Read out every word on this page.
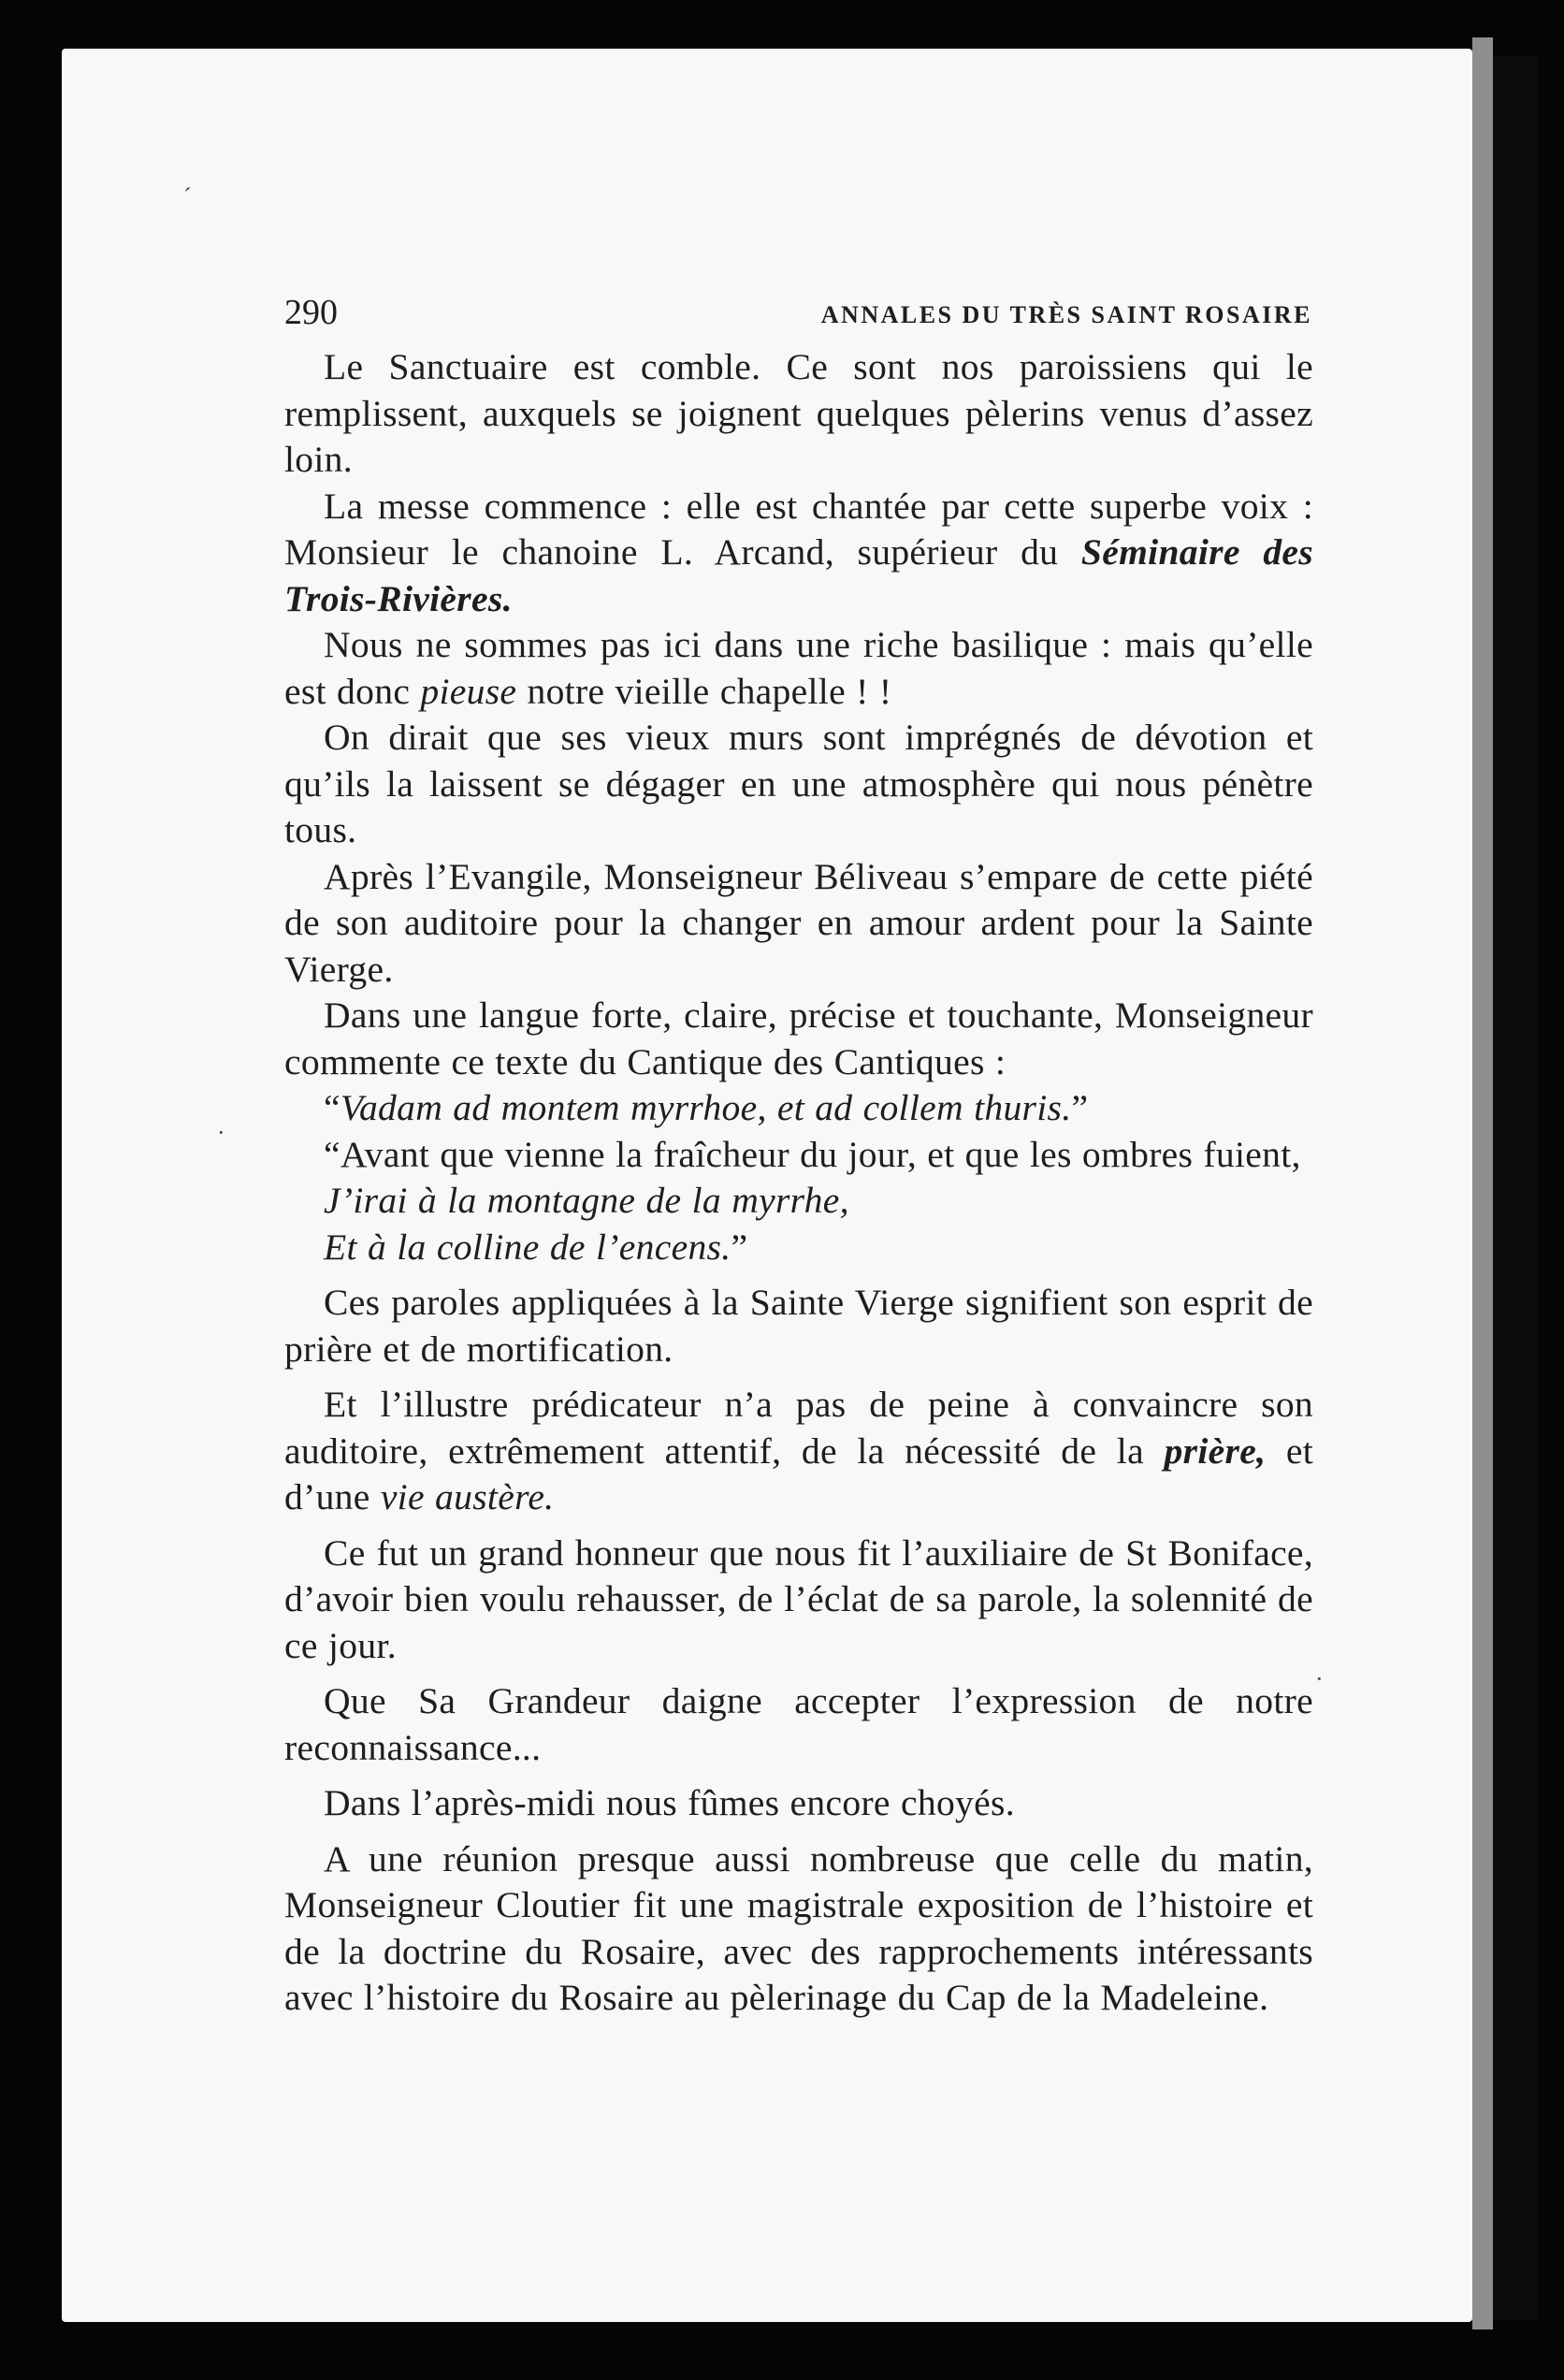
290	ANNALES DU TRÈS SAINT ROSAIRE

Le Sanctuaire est comble. Ce sont nos paroissiens qui le remplissent, auxquels se joignent quelques pèlerins venus d’assez loin.

La messe commence : elle est chantée par cette superbe voix : Monsieur le chanoine L. Arcand, supérieur du Séminaire des Trois-Rivières.

Nous ne sommes pas ici dans une riche basilique : mais qu’elle est donc pieuse notre vieille chapelle ! !

On dirait que ses vieux murs sont imprégnés de dévotion et qu’ils la laissent se dégager en une atmosphère qui nous pénètre tous.

Après l’Evangile, Monseigneur Béliveau s’empare de cette piété de son auditoire pour la changer en amour ardent pour la Sainte Vierge.

Dans une langue forte, claire, précise et touchante, Monseigneur commente ce texte du Cantique des Cantiques :

“Vadam ad montem myrrhoe, et ad collem thuris.”

“Avant que vienne la fraîcheur du jour, et que les ombres fuient,

J’irai à la montagne de la myrrhe,

Et à la colline de l’encens.”

Ces paroles appliquées à la Sainte Vierge signifient son esprit de prière et de mortification.

Et l’illustre prédicateur n’a pas de peine à convaincre son auditoire, extrêmement attentif, de la nécessité de la prière, et d’une vie austère.

Ce fut un grand honneur que nous fit l’auxiliaire de St Boniface, d’avoir bien voulu rehausser, de l’éclat de sa parole, la solennité de ce jour.

Que Sa Grandeur daigne accepter l’expression de notre reconnaissance...

Dans l’après-midi nous fûmes encore choyés.

A une réunion presque aussi nombreuse que celle du matin, Monseigneur Cloutier fit une magistrale exposition de l’histoire et de la doctrine du Rosaire, avec des rapprochements intéressants avec l’histoire du Rosaire au pèlerinage du Cap de la Madeleine.

´
·
·
